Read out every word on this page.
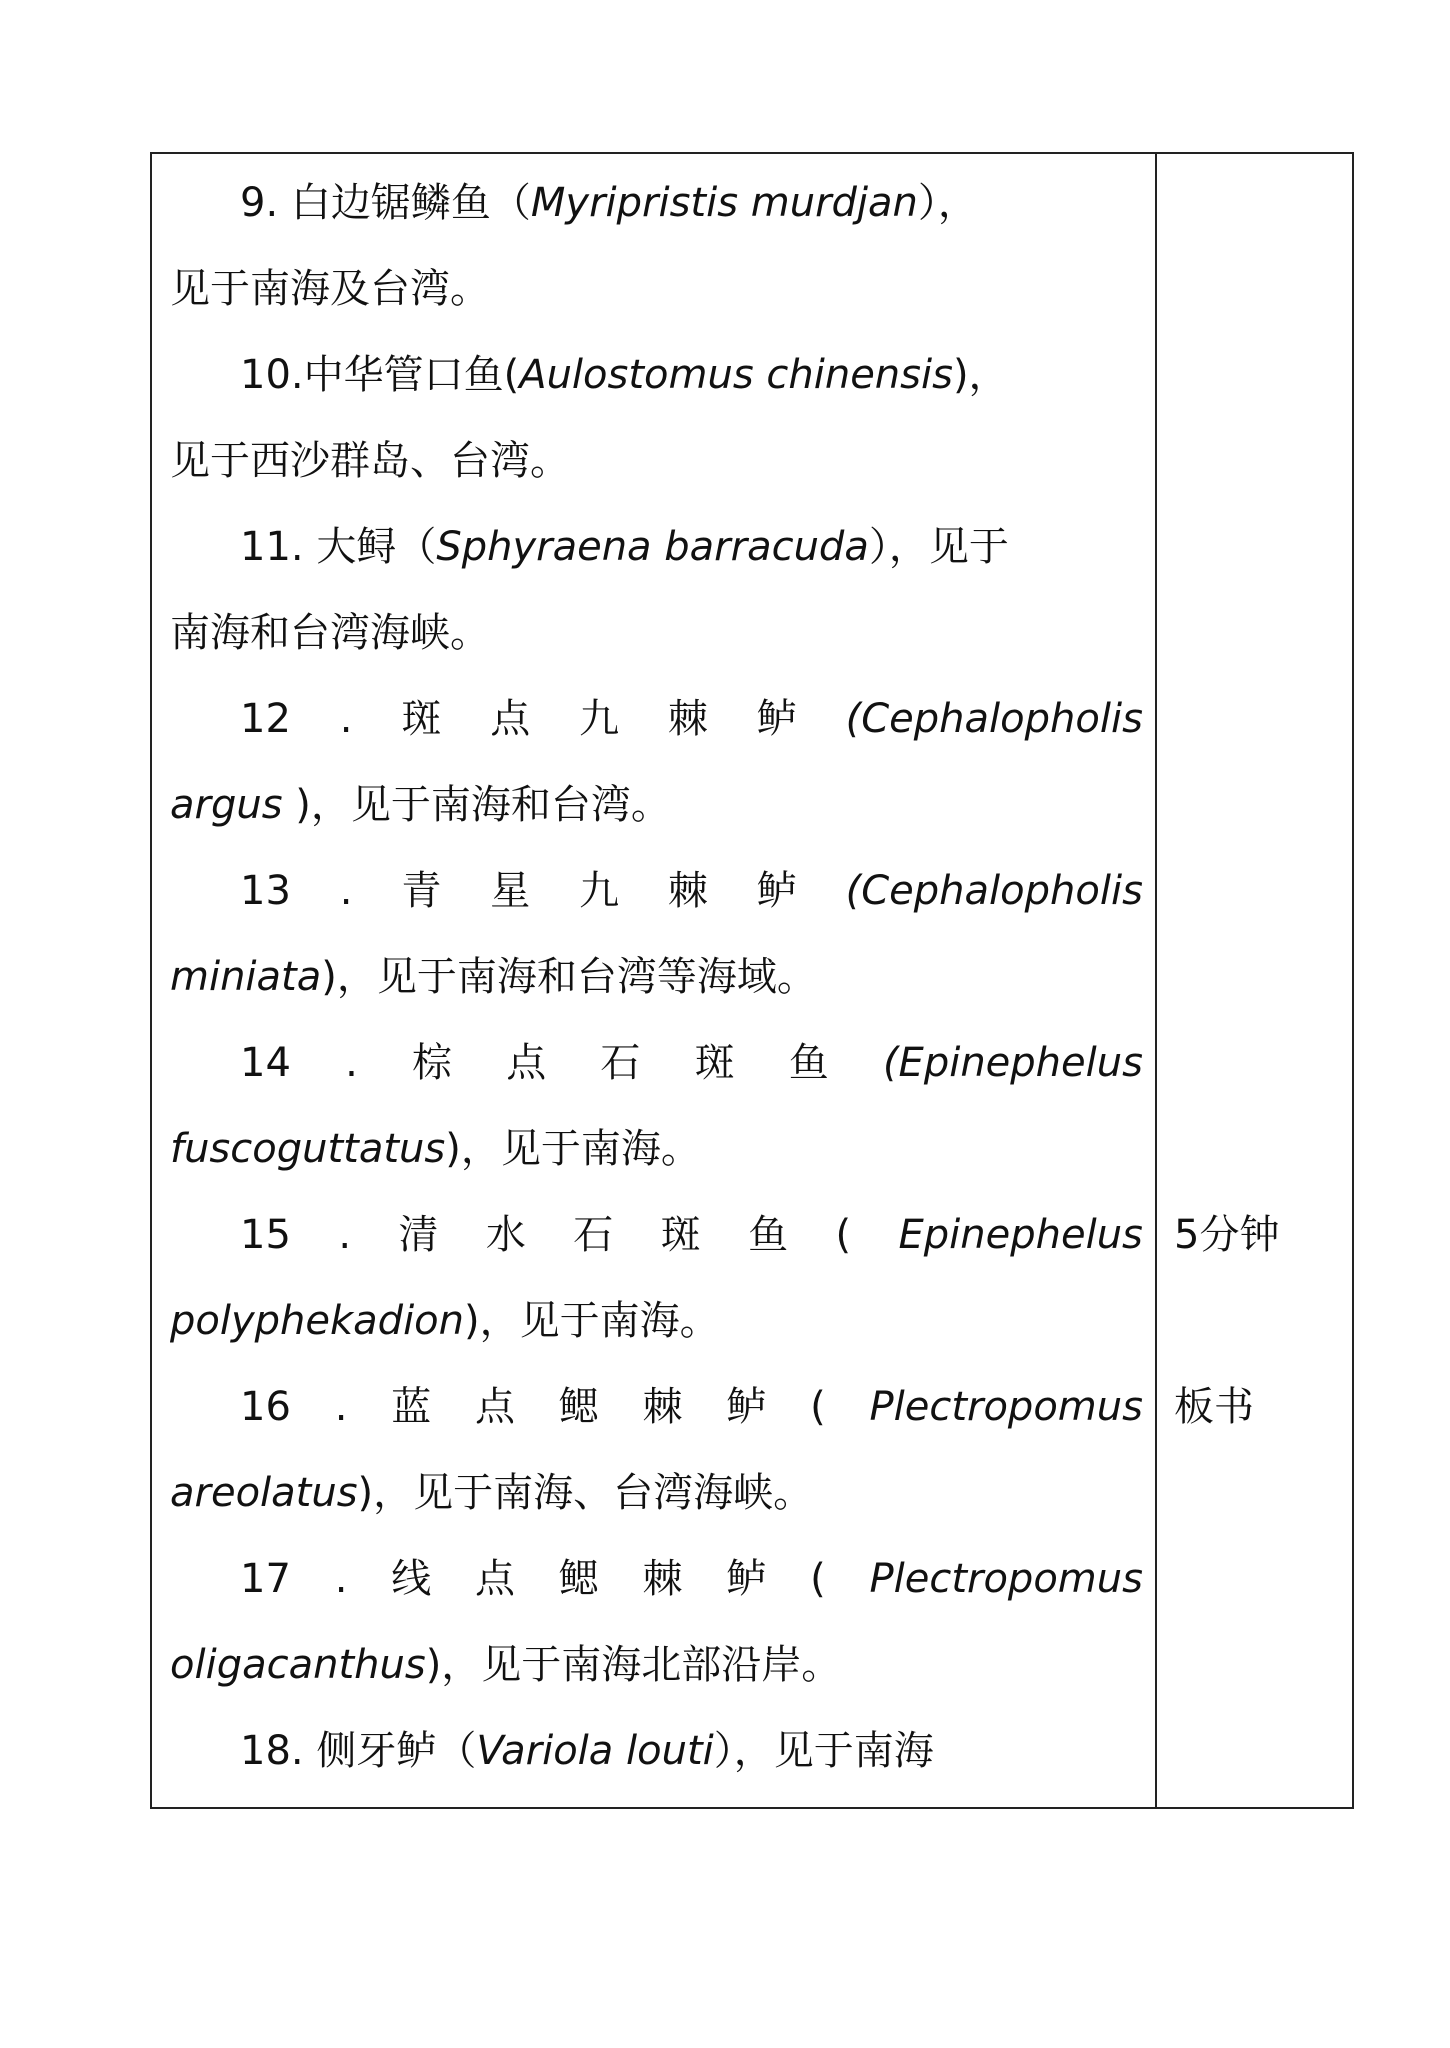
9. 白边锯鳞鱼（Myripristis murdjan），
见于南海及台湾。
10.中华管口鱼(Aulostomus chinensis)，
见于西沙群岛、台湾。
11. 大鲟（Sphyraena barracuda），见于
南海和台湾海峡。
12 . 斑 点 九 棘 鲈 (Cephalopholis
argus )，见于南海和台湾。
13 . 青 星 九 棘 鲈 (Cephalopholis
miniata)，见于南海和台湾等海域。
14 . 棕 点 石 斑 鱼 (Epinephelus
fuscoguttatus)，见于南海。
15 . 清 水 石 斑 鱼 ( Epinephelus
polyphekadion)，见于南海。
16 . 蓝 点 鳃 棘 鲈 ( Plectropomus
areolatus)，见于南海、台湾海峡。
17 . 线 点 鳃 棘 鲈 ( Plectropomus
oligacanthus)，见于南海北部沿岸。
18. 侧牙鲈（Variola louti），见于南海
5分钟
板书
